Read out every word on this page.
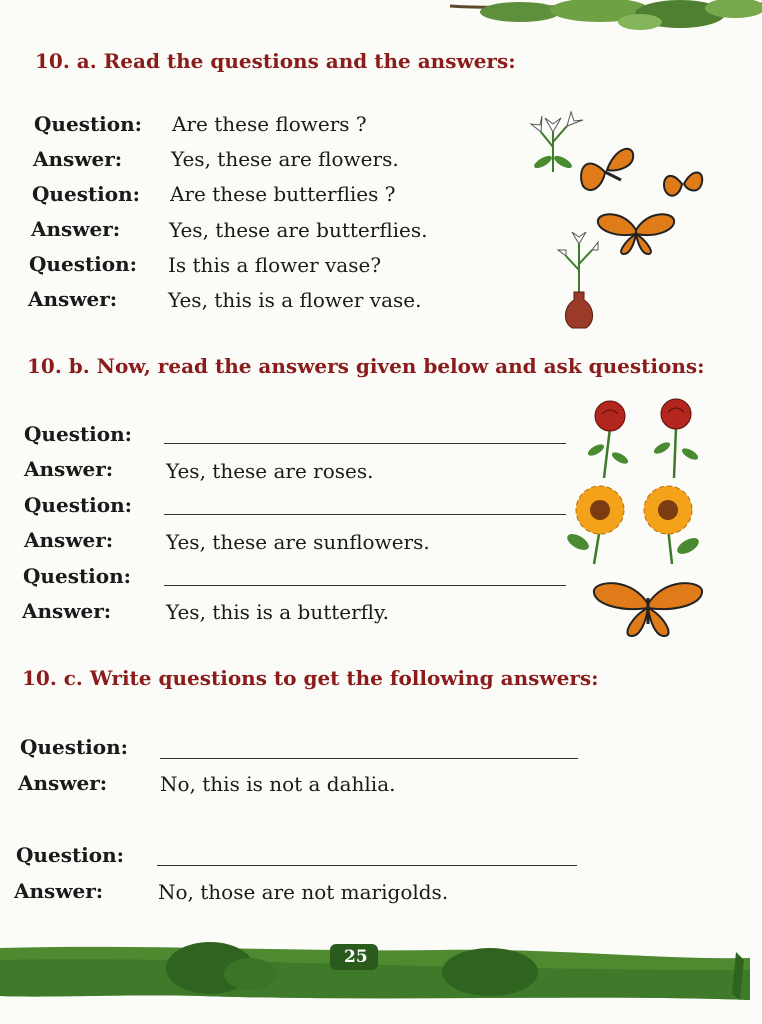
10. a. Read the questions and the answers:
Question: Are these flowers ?
Answer: Yes, these are flowers.
Question: Are these butterflies ?
Answer: Yes, these are butterflies.
Question: Is this a flower vase?
Answer:	Yes, this is a flower vase.
10. b. Now, read the answers given below and ask questions:
Question:
Answer:	Yes, these are roses.
Question:
Answer:	Yes, these are sunflowers.
Question:
Answer:	Yes, this is a butterfly.
10. c. Write questions to get the following answers:
Question:
Answer:	No, this is not a dahlia.
Question:
Answer:	No, those are not marigolds.
25
